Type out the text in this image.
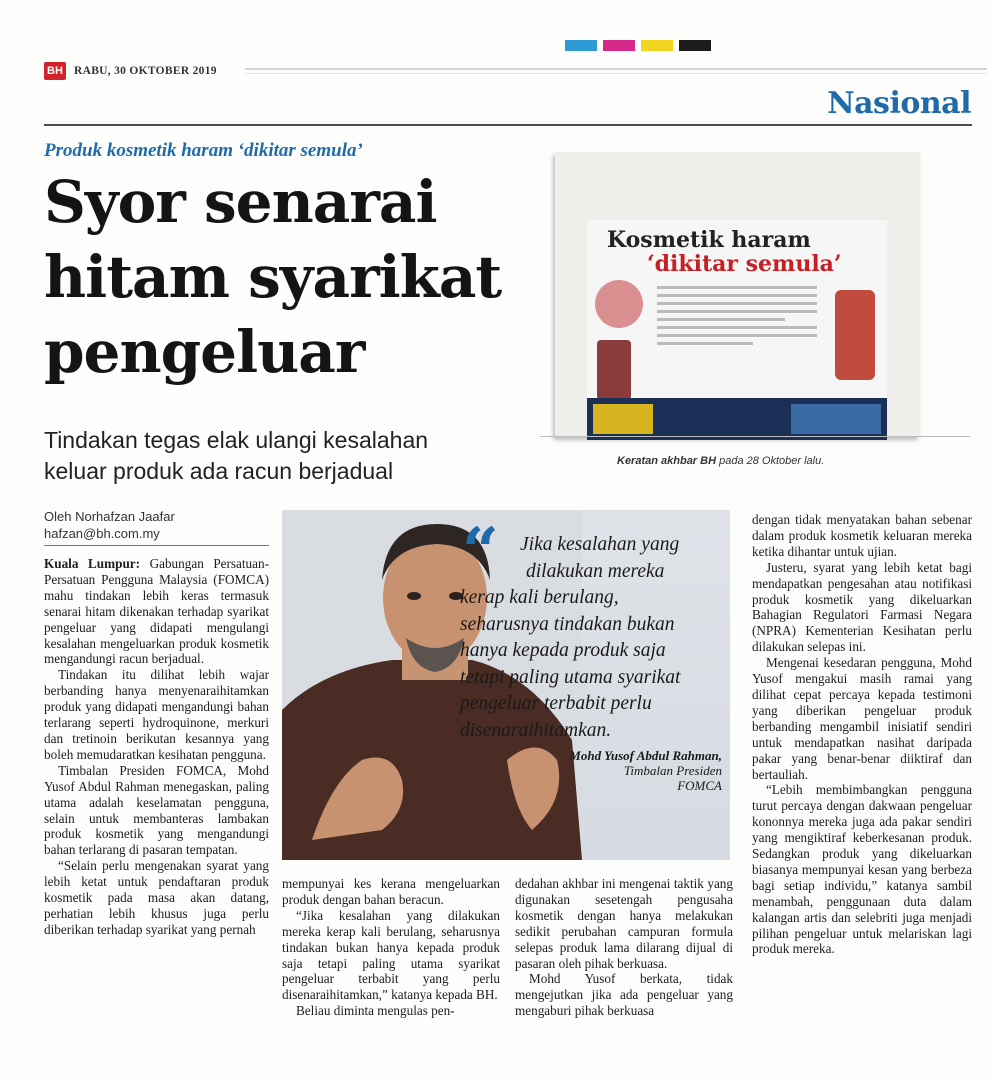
BH RABU, 30 OKTOBER 2019
Nasional
Produk kosmetik haram ‘dikitar semula’
Syor senarai
hitam syarikat
pengeluar
Tindakan tegas elak ulangi kesalahan
keluar produk ada racun berjadual
Kosmetik haram
‘dikitar semula’
Keratan akhbar BH pada 28 Oktober lalu.
Oleh Norhafzan Jaafar
hafzan@bh.com.my

Kuala Lumpur: Gabungan Persatuan-Persatuan Pengguna Malaysia (FOMCA) mahu tindakan lebih keras termasuk senarai hitam dikenakan terhadap syarikat pengeluar yang didapati mengulangi kesalahan mengeluarkan produk kosmetik mengandungi racun berjadual.

Tindakan itu dilihat lebih wajar berbanding hanya menyenaraihitamkan produk yang didapati mengandungi bahan terlarang seperti hydroquinone, merkuri dan tretinoin berikutan kesannya yang boleh memudaratkan kesihatan pengguna.

Timbalan Presiden FOMCA, Mohd Yusof Abdul Rahman menegaskan, paling utama adalah keselamatan pengguna, selain untuk membanteras lambakan produk kosmetik yang mengandungi bahan terlarang di pasaran tempatan.

“Selain perlu mengenakan syarat yang lebih ketat untuk pendaftaran produk kosmetik pada masa akan datang, perhatian lebih khusus juga perlu diberikan terhadap syarikat yang pernah

“	Jika kesalahan yang
dilakukan mereka
kerap kali berulang,
seharusnya tindakan bukan
hanya kepada produk saja
tetapi paling utama syarikat
pengeluar terbabit perlu
disenaraihitamkan.
Mohd Yusof Abdul Rahman,
Timbalan Presiden
FOMCA

mempunyai kes kerana mengeluarkan produk dengan bahan beracun.

“Jika kesalahan yang dilakukan mereka kerap kali berulang, seharusnya tindakan bukan hanya kepada produk saja tetapi paling utama syarikat pengeluar terbabit yang perlu disenaraihitamkan,” katanya kepada BH.

Beliau diminta mengulas pen-

dedahan akhbar ini mengenai taktik yang digunakan sesetengah pengusaha kosmetik dengan hanya melakukan sedikit perubahan campuran formula selepas produk lama dilarang dijual di pasaran oleh pihak berkuasa.

Mohd Yusof berkata, tidak mengejutkan jika ada pengeluar yang mengaburi pihak berkuasa

dengan tidak menyatakan bahan sebenar dalam produk kosmetik keluaran mereka ketika dihantar untuk ujian.

Justeru, syarat yang lebih ketat bagi mendapatkan pengesahan atau notifikasi produk kosmetik yang dikeluarkan Bahagian Regulatori Farmasi Negara (NPRA) Kementerian Kesihatan perlu dilakukan selepas ini.

Mengenai kesedaran pengguna, Mohd Yusof mengakui masih ramai yang dilihat cepat percaya kepada testimoni yang diberikan pengeluar produk berbanding mengambil inisiatif sendiri untuk mendapatkan nasihat daripada pakar yang benar-benar diiktiraf dan bertauliah.

“Lebih membimbangkan pengguna turut percaya dengan dakwaan pengeluar kononnya mereka juga ada pakar sendiri yang mengiktiraf keberkesanan produk. Sedangkan produk yang dikeluarkan biasanya mempunyai kesan yang berbeza bagi setiap individu,” katanya sambil menambah, penggunaan duta dalam kalangan artis dan selebriti juga menjadi pilihan pengeluar untuk melariskan lagi produk mereka.
